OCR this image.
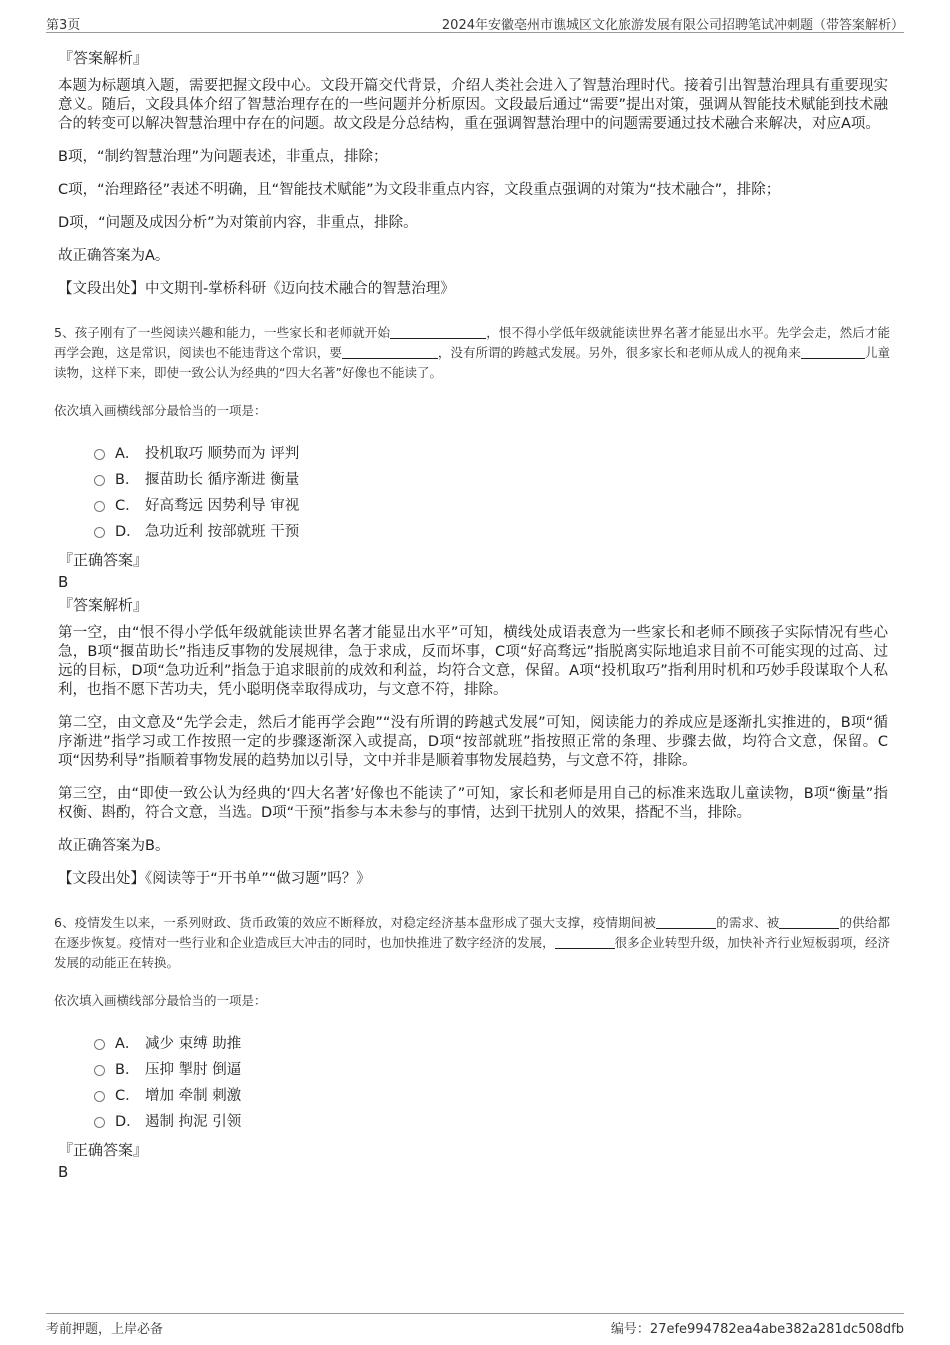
第3页	2024年安徽亳州市谯城区文化旅游发展有限公司招聘笔试冲刺题（带答案解析）

『答案解析』

本题为标题填入题，需要把握文段中心。文段开篇交代背景，介绍人类社会进入了智慧治理时代。接着引出智慧治理具有重要现实意义。随后，文段具体介绍了智慧治理存在的一些问题并分析原因。文段最后通过“需要”提出对策，强调从智能技术赋能到技术融合的转变可以解决智慧治理中存在的问题。故文段是分总结构，重在强调智慧治理中的问题需要通过技术融合来解决，对应A项。

B项，“制约智慧治理”为问题表述，非重点，排除；

C项，“治理路径”表述不明确，且“智能技术赋能”为文段非重点内容，文段重点强调的对策为“技术融合”，排除；

D项，“问题及成因分析”为对策前内容，非重点，排除。

故正确答案为A。

【文段出处】中文期刊-掌桥科研《迈向技术融合的智慧治理》

5、孩子刚有了一些阅读兴趣和能力，一些家长和老师就开始	，恨不得小学低年级就能读世界名著才能显出水平。先学会走，然后才能再学会跑，这是常识，阅读也不能违背这个常识，要	，没有所谓的跨越式发展。另外，很多家长和老师从成人的视角来	儿童读物，这样下来，即使一致公认为经典的“四大名著”好像也不能读了。

依次填入画横线部分最恰当的一项是：

A． 投机取巧 顺势而为 评判
B． 揠苗助长 循序渐进 衡量
C． 好高骛远 因势利导 审视
D． 急功近利 按部就班 干预

『正确答案』

B

『答案解析』

第一空，由“恨不得小学低年级就能读世界名著才能显出水平”可知，横线处成语表意为一些家长和老师不顾孩子实际情况有些心急，B项“揠苗助长”指违反事物的发展规律，急于求成，反而坏事，C项“好高骛远”指脱离实际地追求目前不可能实现的过高、过远的目标，D项“急功近利”指急于追求眼前的成效和利益，均符合文意，保留。A项“投机取巧”指利用时机和巧妙手段谋取个人私利，也指不愿下苦功夫，凭小聪明侥幸取得成功，与文意不符，排除。

第二空，由文意及“先学会走，然后才能再学会跑”“没有所谓的跨越式发展”可知，阅读能力的养成应是逐渐扎实推进的，B项“循序渐进”指学习或工作按照一定的步骤逐渐深入或提高，D项“按部就班”指按照正常的条理、步骤去做，均符合文意，保留。C项“因势利导”指顺着事物发展的趋势加以引导，文中并非是顺着事物发展趋势，与文意不符，排除。

第三空，由“即使一致公认为经典的‘四大名著’好像也不能读了”可知，家长和老师是用自己的标准来选取儿童读物，B项“衡量”指权衡、斟酌，符合文意，当选。D项“干预”指参与本未参与的事情，达到干扰别人的效果，搭配不当，排除。

故正确答案为B。

【文段出处】《阅读等于“开书单”“做习题”吗？》

6、疫情发生以来，一系列财政、货币政策的效应不断释放，对稳定经济基本盘形成了强大支撑，疫情期间被	的需求、被	的供给都在逐步恢复。疫情对一些行业和企业造成巨大冲击的同时，也加快推进了数字经济的发展，	很多企业转型升级，加快补齐行业短板弱项，经济发展的动能正在转换。

依次填入画横线部分最恰当的一项是：

A． 减少 束缚 助推
B． 压抑 掣肘 倒逼
C． 增加 牵制 刺激
D． 遏制 拘泥 引领

『正确答案』

B

考前押题，上岸必备	编号：27efe994782ea4abe382a281dc508dfb
